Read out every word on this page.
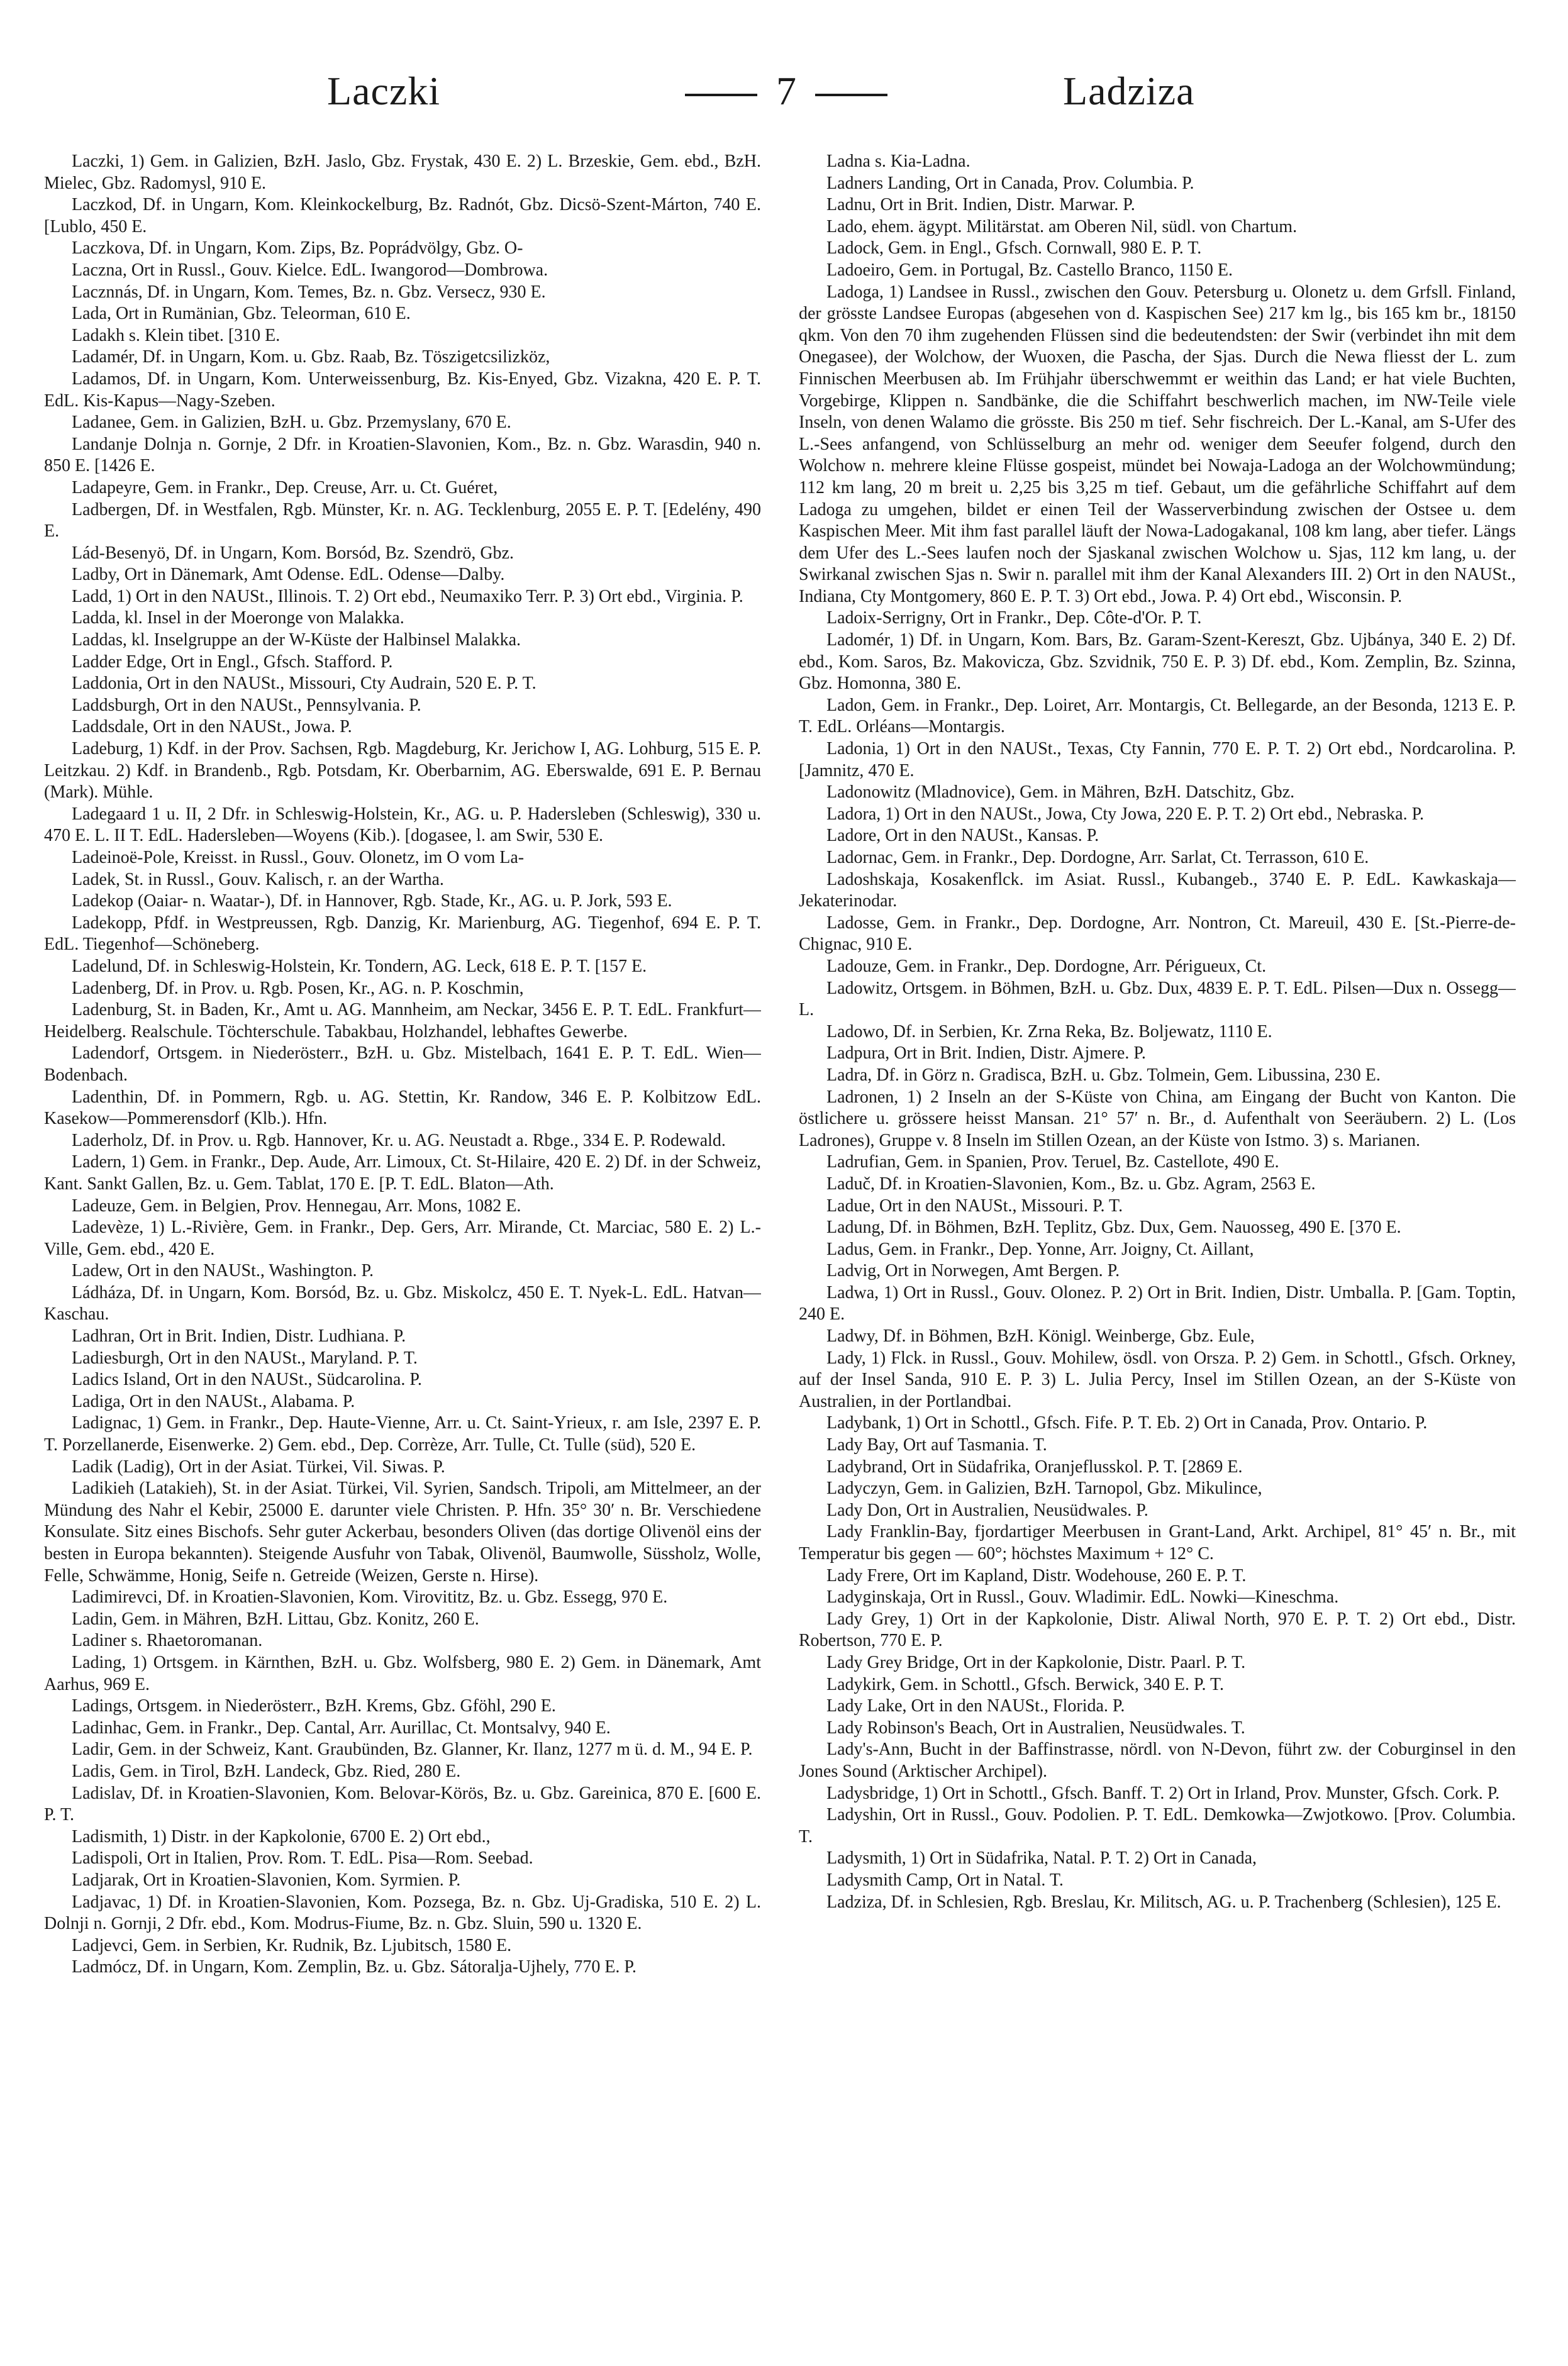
Laczki	7	Ladziza

Laczki, 1) Gem. in Galizien, BzH. Jaslo, Gbz. Frystak, 430 E. 2) L. Brzeskie, Gem. ebd., BzH. Mielec, Gbz. Radomysl, 910 E.

Laczkod, Df. in Ungarn, Kom. Kleinkockelburg, Bz. Radnót, Gbz. Dicsö-Szent-Márton, 740 E. [Lublo, 450 E.

Laczkova, Df. in Ungarn, Kom. Zips, Bz. Poprádvölgy, Gbz. O-

Laczna, Ort in Russl., Gouv. Kielce. EdL. Iwangorod—Dombrowa.

Lacznnás, Df. in Ungarn, Kom. Temes, Bz. n. Gbz. Versecz, 930 E.

Lada, Ort in Rumänian, Gbz. Teleorman, 610 E.

Ladakh s. Klein tibet. [310 E.

Ladamér, Df. in Ungarn, Kom. u. Gbz. Raab, Bz. Töszigetcsilizköz,

Ladamos, Df. in Ungarn, Kom. Unterweissenburg, Bz. Kis-Enyed, Gbz. Vizakna, 420 E. P. T. EdL. Kis-Kapus—Nagy-Szeben.

Ladanee, Gem. in Galizien, BzH. u. Gbz. Przemyslany, 670 E.

Landanje Dolnja n. Gornje, 2 Dfr. in Kroatien-Slavonien, Kom., Bz. n. Gbz. Warasdin, 940 n. 850 E. [1426 E.

Ladapeyre, Gem. in Frankr., Dep. Creuse, Arr. u. Ct. Guéret,

Ladbergen, Df. in Westfalen, Rgb. Münster, Kr. n. AG. Tecklenburg, 2055 E. P. T. [Edelény, 490 E.

Lád-Besenyö, Df. in Ungarn, Kom. Borsód, Bz. Szendrö, Gbz.

Ladby, Ort in Dänemark, Amt Odense. EdL. Odense—Dalby.

Ladd, 1) Ort in den NAUSt., Illinois. T. 2) Ort ebd., Neumaxiko Terr. P. 3) Ort ebd., Virginia. P.

Ladda, kl. Insel in der Moeronge von Malakka.

Laddas, kl. Inselgruppe an der W-Küste der Halbinsel Malakka.

Ladder Edge, Ort in Engl., Gfsch. Stafford. P.

Laddonia, Ort in den NAUSt., Missouri, Cty Audrain, 520 E. P. T.

Laddsburgh, Ort in den NAUSt., Pennsylvania. P.

Laddsdale, Ort in den NAUSt., Jowa. P.

Ladeburg, 1) Kdf. in der Prov. Sachsen, Rgb. Magdeburg, Kr. Jerichow I, AG. Lohburg, 515 E. P. Leitzkau. 2) Kdf. in Brandenb., Rgb. Potsdam, Kr. Oberbarnim, AG. Eberswalde, 691 E. P. Bernau (Mark). Mühle.

Ladegaard 1 u. II, 2 Dfr. in Schleswig-Holstein, Kr., AG. u. P. Hadersleben (Schleswig), 330 u. 470 E. L. II T. EdL. Hadersleben—Woyens (Kib.). [dogasee, l. am Swir, 530 E.

Ladeinoë-Pole, Kreisst. in Russl., Gouv. Olonetz, im O vom La-

Ladek, St. in Russl., Gouv. Kalisch, r. an der Wartha.

Ladekop (Oaiar- n. Waatar-), Df. in Hannover, Rgb. Stade, Kr., AG. u. P. Jork, 593 E.

Ladekopp, Pfdf. in Westpreussen, Rgb. Danzig, Kr. Marienburg, AG. Tiegenhof, 694 E. P. T. EdL. Tiegenhof—Schöneberg.

Ladelund, Df. in Schleswig-Holstein, Kr. Tondern, AG. Leck, 618 E. P. T. [157 E.

Ladenberg, Df. in Prov. u. Rgb. Posen, Kr., AG. n. P. Koschmin,

Ladenburg, St. in Baden, Kr., Amt u. AG. Mannheim, am Neckar, 3456 E. P. T. EdL. Frankfurt—Heidelberg. Realschule. Töchterschule. Tabakbau, Holzhandel, lebhaftes Gewerbe.

Ladendorf, Ortsgem. in Niederösterr., BzH. u. Gbz. Mistelbach, 1641 E. P. T. EdL. Wien—Bodenbach.

Ladenthin, Df. in Pommern, Rgb. u. AG. Stettin, Kr. Randow, 346 E. P. Kolbitzow EdL. Kasekow—Pommerensdorf (Klb.). Hfn.

Laderholz, Df. in Prov. u. Rgb. Hannover, Kr. u. AG. Neustadt a. Rbge., 334 E. P. Rodewald.

Ladern, 1) Gem. in Frankr., Dep. Aude, Arr. Limoux, Ct. St-Hilaire, 420 E. 2) Df. in der Schweiz, Kant. Sankt Gallen, Bz. u. Gem. Tablat, 170 E. [P. T. EdL. Blaton—Ath.

Ladeuze, Gem. in Belgien, Prov. Hennegau, Arr. Mons, 1082 E.

Ladevèze, 1) L.-Rivière, Gem. in Frankr., Dep. Gers, Arr. Mirande, Ct. Marciac, 580 E. 2) L.-Ville, Gem. ebd., 420 E.

Ladew, Ort in den NAUSt., Washington. P.

Ládháza, Df. in Ungarn, Kom. Borsód, Bz. u. Gbz. Miskolcz, 450 E. T. Nyek-L. EdL. Hatvan—Kaschau.

Ladhran, Ort in Brit. Indien, Distr. Ludhiana. P.

Ladiesburgh, Ort in den NAUSt., Maryland. P. T.

Ladics Island, Ort in den NAUSt., Südcarolina. P.

Ladiga, Ort in den NAUSt., Alabama. P.

Ladignac, 1) Gem. in Frankr., Dep. Haute-Vienne, Arr. u. Ct. Saint-Yrieux, r. am Isle, 2397 E. P. T. Porzellanerde, Eisenwerke. 2) Gem. ebd., Dep. Corrèze, Arr. Tulle, Ct. Tulle (süd), 520 E.

Ladik (Ladig), Ort in der Asiat. Türkei, Vil. Siwas. P.

Ladikieh (Latakieh), St. in der Asiat. Türkei, Vil. Syrien, Sandsch. Tripoli, am Mittelmeer, an der Mündung des Nahr el Kebir, 25000 E. darunter viele Christen. P. Hfn. 35° 30′ n. Br. Verschiedene Konsulate. Sitz eines Bischofs. Sehr guter Ackerbau, besonders Oliven (das dortige Olivenöl eins der besten in Europa bekannten). Steigende Ausfuhr von Tabak, Olivenöl, Baumwolle, Süssholz, Wolle, Felle, Schwämme, Honig, Seife n. Getreide (Weizen, Gerste n. Hirse).

Ladimirevci, Df. in Kroatien-Slavonien, Kom. Virovititz, Bz. u. Gbz. Essegg, 970 E.

Ladin, Gem. in Mähren, BzH. Littau, Gbz. Konitz, 260 E.

Ladiner s. Rhaetoromanan.

Lading, 1) Ortsgem. in Kärnthen, BzH. u. Gbz. Wolfsberg, 980 E. 2) Gem. in Dänemark, Amt Aarhus, 969 E.

Ladings, Ortsgem. in Niederösterr., BzH. Krems, Gbz. Gföhl, 290 E.

Ladinhac, Gem. in Frankr., Dep. Cantal, Arr. Aurillac, Ct. Montsalvy, 940 E.

Ladir, Gem. in der Schweiz, Kant. Graubünden, Bz. Glanner, Kr. Ilanz, 1277 m ü. d. M., 94 E. P.

Ladis, Gem. in Tirol, BzH. Landeck, Gbz. Ried, 280 E.

Ladislav, Df. in Kroatien-Slavonien, Kom. Belovar-Körös, Bz. u. Gbz. Gareinica, 870 E. [600 E. P. T.

Ladismith, 1) Distr. in der Kapkolonie, 6700 E. 2) Ort ebd.,

Ladispoli, Ort in Italien, Prov. Rom. T. EdL. Pisa—Rom. Seebad.

Ladjarak, Ort in Kroatien-Slavonien, Kom. Syrmien. P.

Ladjavac, 1) Df. in Kroatien-Slavonien, Kom. Pozsega, Bz. n. Gbz. Uj-Gradiska, 510 E. 2) L. Dolnji n. Gornji, 2 Dfr. ebd., Kom. Modrus-Fiume, Bz. n. Gbz. Sluin, 590 u. 1320 E.

Ladjevci, Gem. in Serbien, Kr. Rudnik, Bz. Ljubitsch, 1580 E.

Ladmócz, Df. in Ungarn, Kom. Zemplin, Bz. u. Gbz. Sátoralja-Ujhely, 770 E. P.

Ladna s. Kia-Ladna.

Ladners Landing, Ort in Canada, Prov. Columbia. P.

Ladnu, Ort in Brit. Indien, Distr. Marwar. P.

Lado, ehem. ägypt. Militärstat. am Oberen Nil, südl. von Chartum.

Ladock, Gem. in Engl., Gfsch. Cornwall, 980 E. P. T.

Ladoeiro, Gem. in Portugal, Bz. Castello Branco, 1150 E.

Ladoga, 1) Landsee in Russl., zwischen den Gouv. Petersburg u. Olonetz u. dem Grfsll. Finland, der grösste Landsee Europas (abgesehen von d. Kaspischen See) 217 km lg., bis 165 km br., 18150 qkm. Von den 70 ihm zugehenden Flüssen sind die bedeutendsten: der Swir (verbindet ihn mit dem Onegasee), der Wolchow, der Wuoxen, die Pascha, der Sjas. Durch die Newa fliesst der L. zum Finnischen Meerbusen ab. Im Frühjahr überschwemmt er weithin das Land; er hat viele Buchten, Vorgebirge, Klippen n. Sandbänke, die die Schiffahrt beschwerlich machen, im NW-Teile viele Inseln, von denen Walamo die grösste. Bis 250 m tief. Sehr fischreich. Der L.-Kanal, am S-Ufer des L.-Sees anfangend, von Schlüsselburg an mehr od. weniger dem Seeufer folgend, durch den Wolchow n. mehrere kleine Flüsse gospeist, mündet bei Nowaja-Ladoga an der Wolchowmündung; 112 km lang, 20 m breit u. 2,25 bis 3,25 m tief. Gebaut, um die gefährliche Schiffahrt auf dem Ladoga zu umgehen, bildet er einen Teil der Wasserverbindung zwischen der Ostsee u. dem Kaspischen Meer. Mit ihm fast parallel läuft der Nowa-Ladogakanal, 108 km lang, aber tiefer. Längs dem Ufer des L.-Sees laufen noch der Sjaskanal zwischen Wolchow u. Sjas, 112 km lang, u. der Swirkanal zwischen Sjas n. Swir n. parallel mit ihm der Kanal Alexanders III. 2) Ort in den NAUSt., Indiana, Cty Montgomery, 860 E. P. T. 3) Ort ebd., Jowa. P. 4) Ort ebd., Wisconsin. P.

Ladoix-Serrigny, Ort in Frankr., Dep. Côte-d'Or. P. T.

Ladomér, 1) Df. in Ungarn, Kom. Bars, Bz. Garam-Szent-Kereszt, Gbz. Ujbánya, 340 E. 2) Df. ebd., Kom. Saros, Bz. Makovicza, Gbz. Szvidnik, 750 E. P. 3) Df. ebd., Kom. Zemplin, Bz. Szinna, Gbz. Homonna, 380 E.

Ladon, Gem. in Frankr., Dep. Loiret, Arr. Montargis, Ct. Bellegarde, an der Besonda, 1213 E. P. T. EdL. Orléans—Montargis.

Ladonia, 1) Ort in den NAUSt., Texas, Cty Fannin, 770 E. P. T. 2) Ort ebd., Nordcarolina. P. [Jamnitz, 470 E.

Ladonowitz (Mladnovice), Gem. in Mähren, BzH. Datschitz, Gbz.

Ladora, 1) Ort in den NAUSt., Jowa, Cty Jowa, 220 E. P. T. 2) Ort ebd., Nebraska. P.

Ladore, Ort in den NAUSt., Kansas. P.

Ladornac, Gem. in Frankr., Dep. Dordogne, Arr. Sarlat, Ct. Terrasson, 610 E.

Ladoshskaja, Kosakenflck. im Asiat. Russl., Kubangeb., 3740 E. P. EdL. Kawkaskaja—Jekaterinodar.

Ladosse, Gem. in Frankr., Dep. Dordogne, Arr. Nontron, Ct. Mareuil, 430 E. [St.-Pierre-de-Chignac, 910 E.

Ladouze, Gem. in Frankr., Dep. Dordogne, Arr. Périgueux, Ct.

Ladowitz, Ortsgem. in Böhmen, BzH. u. Gbz. Dux, 4839 E. P. T. EdL. Pilsen—Dux n. Ossegg—L.

Ladowo, Df. in Serbien, Kr. Zrna Reka, Bz. Boljewatz, 1110 E.

Ladpura, Ort in Brit. Indien, Distr. Ajmere. P.

Ladra, Df. in Görz n. Gradisca, BzH. u. Gbz. Tolmein, Gem. Libussina, 230 E.

Ladronen, 1) 2 Inseln an der S-Küste von China, am Eingang der Bucht von Kanton. Die östlichere u. grössere heisst Mansan. 21° 57′ n. Br., d. Aufenthalt von Seeräubern. 2) L. (Los Ladrones), Gruppe v. 8 Inseln im Stillen Ozean, an der Küste von Istmo. 3) s. Marianen.

Ladrufian, Gem. in Spanien, Prov. Teruel, Bz. Castellote, 490 E.

Laduč, Df. in Kroatien-Slavonien, Kom., Bz. u. Gbz. Agram, 2563 E.

Ladue, Ort in den NAUSt., Missouri. P. T.

Ladung, Df. in Böhmen, BzH. Teplitz, Gbz. Dux, Gem. Nauosseg, 490 E. [370 E.

Ladus, Gem. in Frankr., Dep. Yonne, Arr. Joigny, Ct. Aillant,

Ladvig, Ort in Norwegen, Amt Bergen. P.

Ladwa, 1) Ort in Russl., Gouv. Olonez. P. 2) Ort in Brit. Indien, Distr. Umballa. P. [Gam. Toptin, 240 E.

Ladwy, Df. in Böhmen, BzH. Königl. Weinberge, Gbz. Eule,

Lady, 1) Flck. in Russl., Gouv. Mohilew, ösdl. von Orsza. P. 2) Gem. in Schottl., Gfsch. Orkney, auf der Insel Sanda, 910 E. P. 3) L. Julia Percy, Insel im Stillen Ozean, an der S-Küste von Australien, in der Portlandbai.

Ladybank, 1) Ort in Schottl., Gfsch. Fife. P. T. Eb. 2) Ort in Canada, Prov. Ontario. P.

Lady Bay, Ort auf Tasmania. T.

Ladybrand, Ort in Südafrika, Oranjeflusskol. P. T. [2869 E.

Ladyczyn, Gem. in Galizien, BzH. Tarnopol, Gbz. Mikulince,

Lady Don, Ort in Australien, Neusüdwales. P.

Lady Franklin-Bay, fjordartiger Meerbusen in Grant-Land, Arkt. Archipel, 81° 45′ n. Br., mit Temperatur bis gegen — 60°; höchstes Maximum + 12° C.

Lady Frere, Ort im Kapland, Distr. Wodehouse, 260 E. P. T.

Ladyginskaja, Ort in Russl., Gouv. Wladimir. EdL. Nowki—Kineschma.

Lady Grey, 1) Ort in der Kapkolonie, Distr. Aliwal North, 970 E. P. T. 2) Ort ebd., Distr. Robertson, 770 E. P.

Lady Grey Bridge, Ort in der Kapkolonie, Distr. Paarl. P. T.

Ladykirk, Gem. in Schottl., Gfsch. Berwick, 340 E. P. T.

Lady Lake, Ort in den NAUSt., Florida. P.

Lady Robinson's Beach, Ort in Australien, Neusüdwales. T.

Lady's-Ann, Bucht in der Baffinstrasse, nördl. von N-Devon, führt zw. der Coburginsel in den Jones Sound (Arktischer Archipel).

Ladysbridge, 1) Ort in Schottl., Gfsch. Banff. T. 2) Ort in Irland, Prov. Munster, Gfsch. Cork. P.

Ladyshin, Ort in Russl., Gouv. Podolien. P. T. EdL. Demkowka—Zwjotkowo. [Prov. Columbia. T.

Ladysmith, 1) Ort in Südafrika, Natal. P. T. 2) Ort in Canada,

Ladysmith Camp, Ort in Natal. T.

Ladziza, Df. in Schlesien, Rgb. Breslau, Kr. Militsch, AG. u. P. Trachenberg (Schlesien), 125 E.
